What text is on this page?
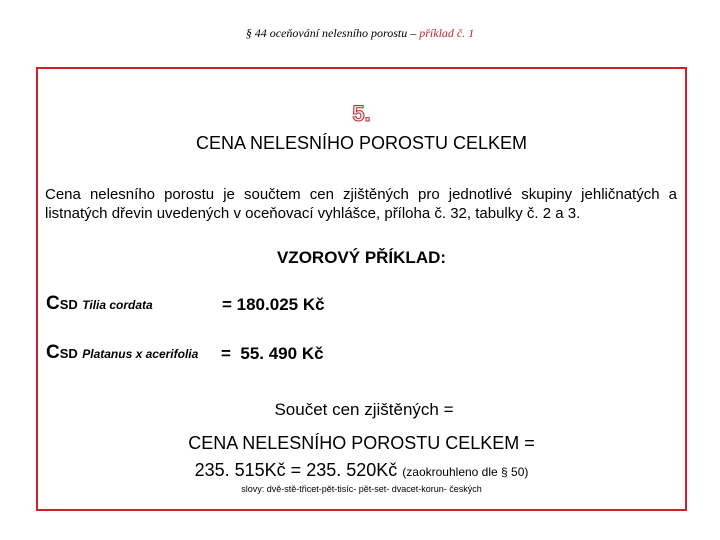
§ 44 oceňování nelesního porostu – příklad č. 1
5.
CENA NELESNÍHO POROSTU CELKEM
Cena nelesního porostu je součtem cen zjištěných pro jednotlivé skupiny jehličnatých a listnatých dřevin uvedených v oceňovací vyhlášce, příloha č. 32, tabulky č. 2 a 3.
VZOROVÝ PŘÍKLAD:
CSD Tilia cordata	= 180.025 Kč
CSD Platanus x acerifolia =  55. 490 Kč
Součet cen zjištěných =
CENA NELESNÍHO POROSTU CELKEM =
235. 515Kč = 235. 520Kč (zaokrouhleno dle § 50)
slovy: dvě-stě-třicet-pět-tisíc- pět-set- dvacet-korun- českých
